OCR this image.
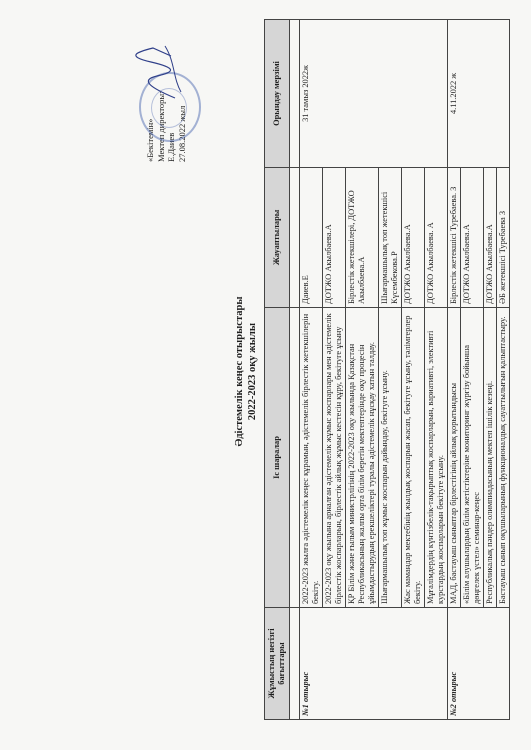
«Бекітемін» Мектеп директоры: Е.Даиев 27.08.2022 жыл
Әдістемелік кеңес отырыстары 2022-2023 оқу жылы
Жұмыстың негізгі бағыттары	Іс шаралар	Жауаптылары	Орындау мерзімі

№1 отырыс	2022-2023 жылға әдістемелік кеңес құрамын, әдістемелік бірлестік жетекшілерін бекіту.	Даиев.Е	31 тамыз 2022ж
	2022-2023 оқу жылына арналған әдістемелік жұмыс жоспарлары мен әдістемелік бірлестік жоспарларын, бірлестік айлық жұмыс кестесін құру, бекітуге ұсыну	ДОТЖО Акылбаева.А	
	ҚР Білім және ғылым министрлігінің 2022-2023 оқу жылында Қазақстан Республикасының жалпы орта білім беретін мектептерінде оқу процесін ұйымдастырудың ерекшеліктері туралы әдістемелік нұсқау хатын талдау.	Бірлестік жетекшілері, ДОТЖО Акылбаева.А	
	Шығармашылық топ жұмыс жоспарын дайындау, бекітуге ұсыну.	Шығармашылық топ жетекшісі Күсембекова.Р	
	Жас мамандар мектебінің жылдық жоспарын жасап, бекітуге ұсыну, тәлімгерлер бекіту.	ДОТЖО Акылбаева.А	
	Мұғалімдердің күнтізбелік-тақырыптық жоспарларын, вариативті, элективті курстардың жоспарларын бекітуге ұсыну.	ДОТЖО Акылбаева. А	
№2 отырыс	МАД, бастауыш сыныптар бірлестігінің айлық қорытындысы	Бірлестік жетекшісі Туребаева. З	4.11.2022 ж
	«Білім алушылардың білім жетістіктеріне мониторинг жүргізу бойынша дөңгелек үстел» семинар-кеңес	ДОТЖО Акылбаева.А	
	Республикалық пәндер олимпиадасының мектеп ішілік кезеңі.	ДОТЖО Акылбаева.А	
	Бастауыш сынып оқушыларының функционалдық сауаттылығын қалыптастыру.	ӘБ жетекшісі Туребаева З	
